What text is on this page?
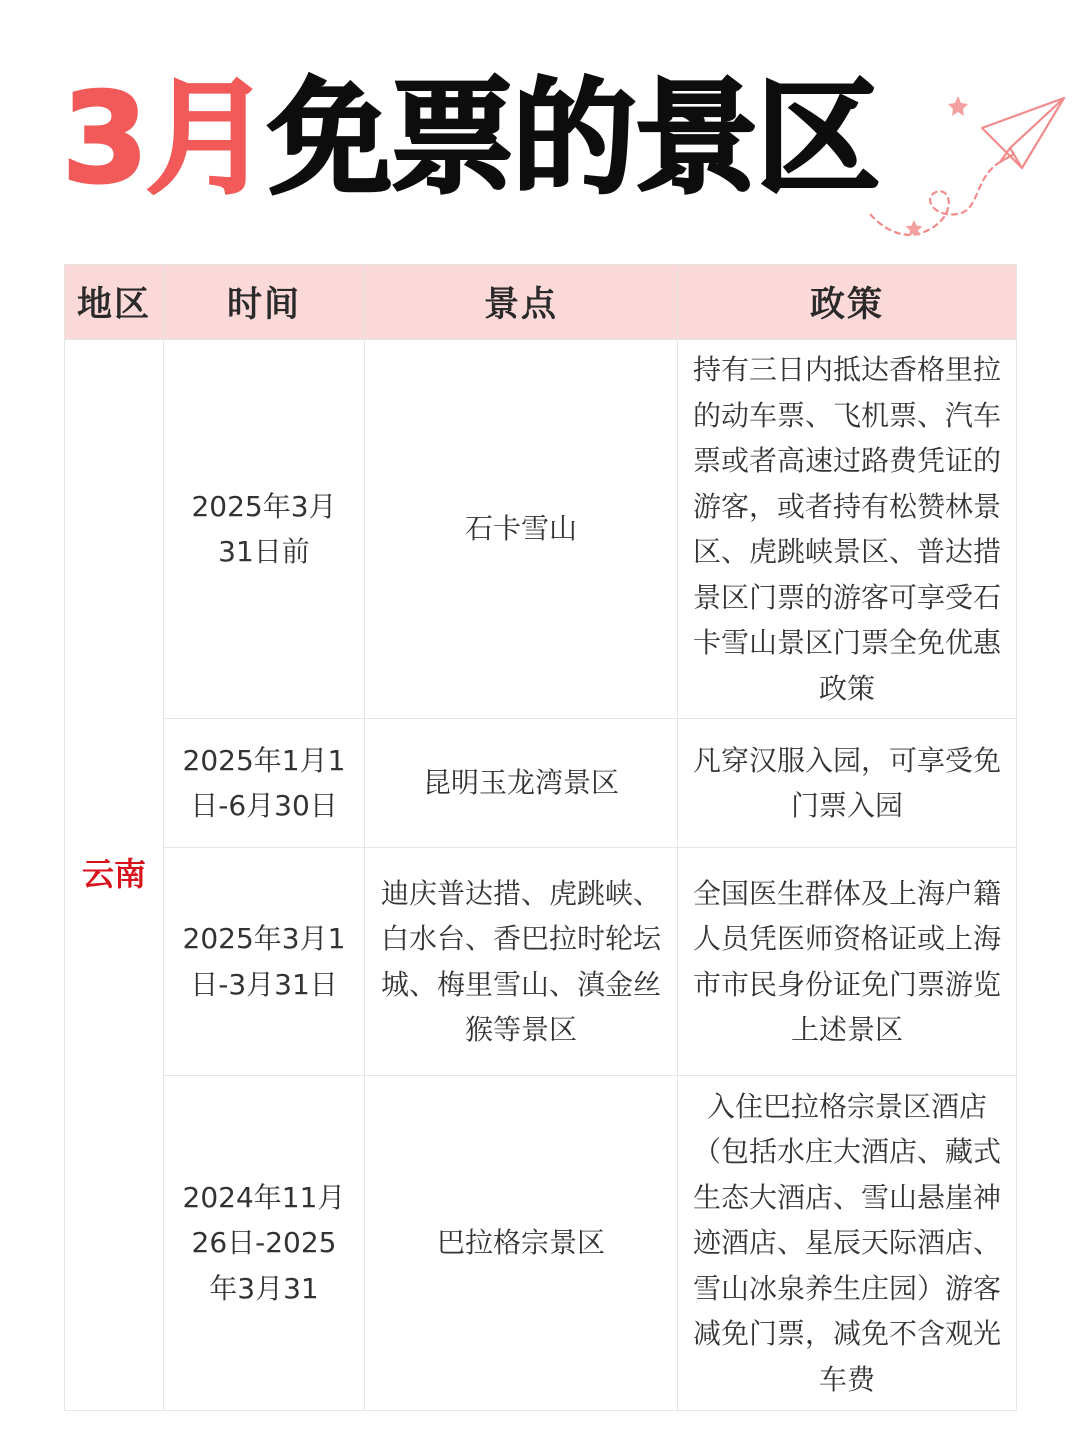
3月免票的景区
地区	时间	景点	政策
云南	2025年3月31日前	石卡雪山	持有三日内抵达香格里拉的动车票、飞机票、汽车票或者高速过路费凭证的游客，或者持有松赞林景区、虎跳峡景区、普达措景区门票的游客可享受石卡雪山景区门票全免优惠政策
	2025年1月1日-6月30日	昆明玉龙湾景区	凡穿汉服入园，可享受免门票入园
	2025年3月1日-3月31日	迪庆普达措、虎跳峡、白水台、香巴拉时轮坛城、梅里雪山、滇金丝猴等景区	全国医生群体及上海户籍人员凭医师资格证或上海市市民身份证免门票游览上述景区
	2024年11月26日-2025年3月31	巴拉格宗景区	入住巴拉格宗景区酒店（包括水庄大酒店、藏式生态大酒店、雪山悬崖神迹酒店、星辰天际酒店、雪山冰泉养生庄园）游客减免门票，减免不含观光车费
